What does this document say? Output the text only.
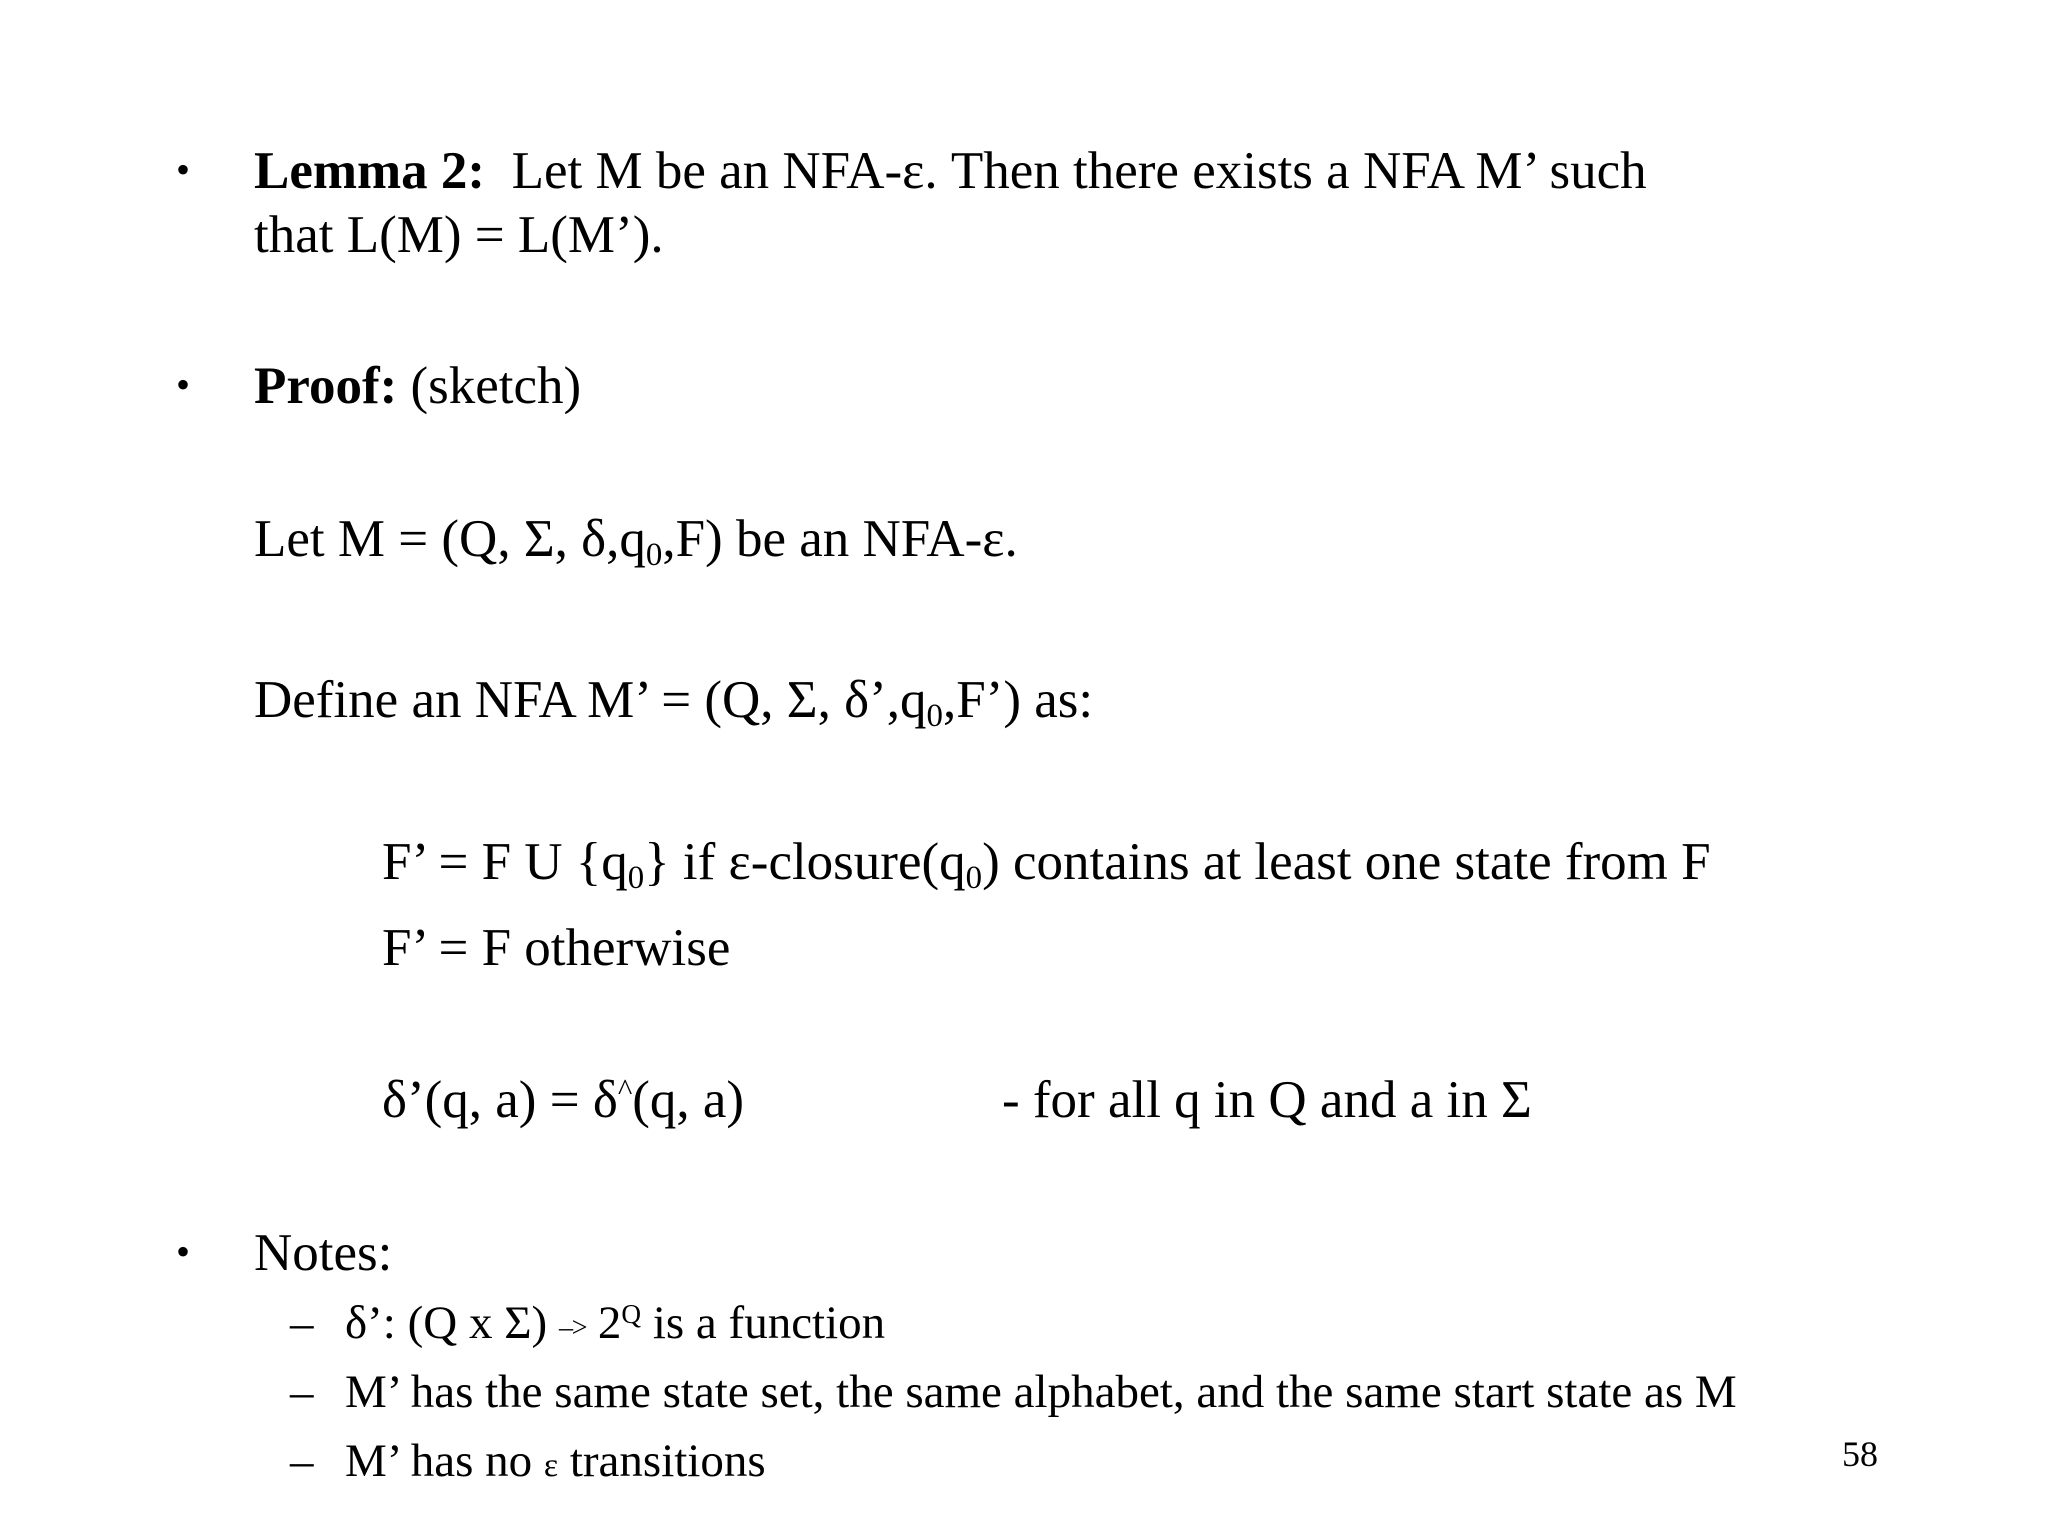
• Lemma 2: Let M be an NFA-ε. Then there exists a NFA M’ such
that L(M) = L(M’).
• Proof: (sketch)
Let M = (Q, Σ, $\delta,q_0,F$) be an NFA-ε.
Define an NFA M’ = (Q, Σ, $\delta’,q_0,F$’) as:
F’ = F U $\{q_0\}$ if $\varepsilon-closure(q_0)$ contains at least one state from F
F’ = F otherwise
δ’(q, a) = δ^(q, a)	- for all q in Q and a in Σ
• Notes:
– δ’: (Q x $\Sigma) -> 2^Q$ is a function
– M’ has the same state set, the same alphabet, and the same start state as M
– M’ has no ε transitions	58
